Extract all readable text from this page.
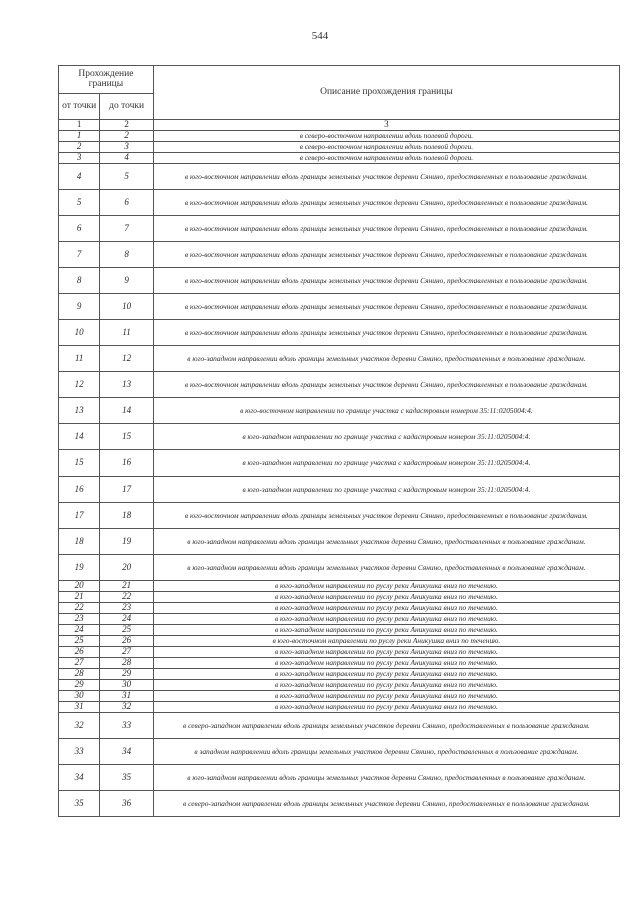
544
Прохождение границы		Описание прохождения границы
от точки	до точки	
1	2	3
1	2	в северо-восточном направлении вдоль полевой дороги.
2	3	в северо-восточном направлении вдоль полевой дороги.
3	4	в северо-восточном направлении вдоль полевой дороги.
4	5	в юго-восточном направлении вдоль границы земельных участков деревни Сянино, предоставленных в пользование гражданам.
5	6	в юго-восточном направлении вдоль границы земельных участков деревни Сянино, предоставленных в пользование гражданам.
6	7	в юго-восточном направлении вдоль границы земельных участков деревни Сянино, предоставленных в пользование гражданам.
7	8	в юго-восточном направлении вдоль границы земельных участков деревни Сянино, предоставленных в пользование гражданам.
8	9	в юго-восточном направлении вдоль границы земельных участков деревни Сянино, предоставленных в пользование гражданам.
9	10	в юго-восточном направлении вдоль границы земельных участков деревни Сянино, предоставленных в пользование гражданам.
10	11	в юго-восточном направлении вдоль границы земельных участков деревни Сянино, предоставленных в пользование гражданам.
11	12	в юго-западном направлении вдоль границы земельных участков деревни Сянино, предоставленных в пользование гражданам.
12	13	в юго-восточном направлении вдоль границы земельных участков деревни Сянино, предоставленных в пользование гражданам.
13	14	в юго-восточном направлении по границе участка с кадастровым номером 35:11:0205004:4.
14	15	в юго-западном направлении по границе участка с кадастровым номером 35:11:0205004:4.
15	16	в юго-западном направлении по границе участка с кадастровым номером 35:11:0205004:4.
16	17	в юго-западном направлении по границе участка с кадастровым номером 35:11:0205004:4.
17	18	в юго-восточном направлении вдоль границы земельных участков деревни Сянино, предоставленных в пользование гражданам.
18	19	в юго-западном направлении вдоль границы земельных участков деревни Сянино, предоставленных в пользование гражданам.
19	20	в юго-западном направлении вдоль границы земельных участков деревни Сянино, предоставленных в пользование гражданам.
20	21	в юго-западном направлении по руслу реки Аникушка вниз по течению.
21	22	в юго-западном направлении по руслу реки Аникушка вниз по течению.
22	23	в юго-западном направлении по руслу реки Аникушка вниз по течению.
23	24	в юго-западном направлении по руслу реки Аникушка вниз по течению.
24	25	в юго-западном направлении по руслу реки Аникушка вниз по течению.
25	26	в юго-восточном направлении по руслу реки Аникушка вниз по течению.
26	27	в юго-западном направлении по руслу реки Аникушка вниз по течению.
27	28	в юго-западном направлении по руслу реки Аникушка вниз по течению.
28	29	в юго-западном направлении по руслу реки Аникушка вниз по течению.
29	30	в юго-западном направлении по руслу реки Аникушка вниз по течению.
30	31	в юго-западном направлении по руслу реки Аникушка вниз по течению.
31	32	в юго-западном направлении по руслу реки Аникушка вниз по течению.
32	33	в северо-западном направлении вдоль границы земельных участков деревни Сянино, предоставленных в пользование гражданам.
33	34	в западном направлении вдоль границы земельных участков деревни Сянино, предоставленных в пользование гражданам.
34	35	в юго-западном направлении вдоль границы земельных участков деревни Сянино, предоставленных в пользование гражданам.
35	36	в северо-западном направлении вдоль границы земельных участков деревни Сянино, предоставленных в пользование гражданам.
